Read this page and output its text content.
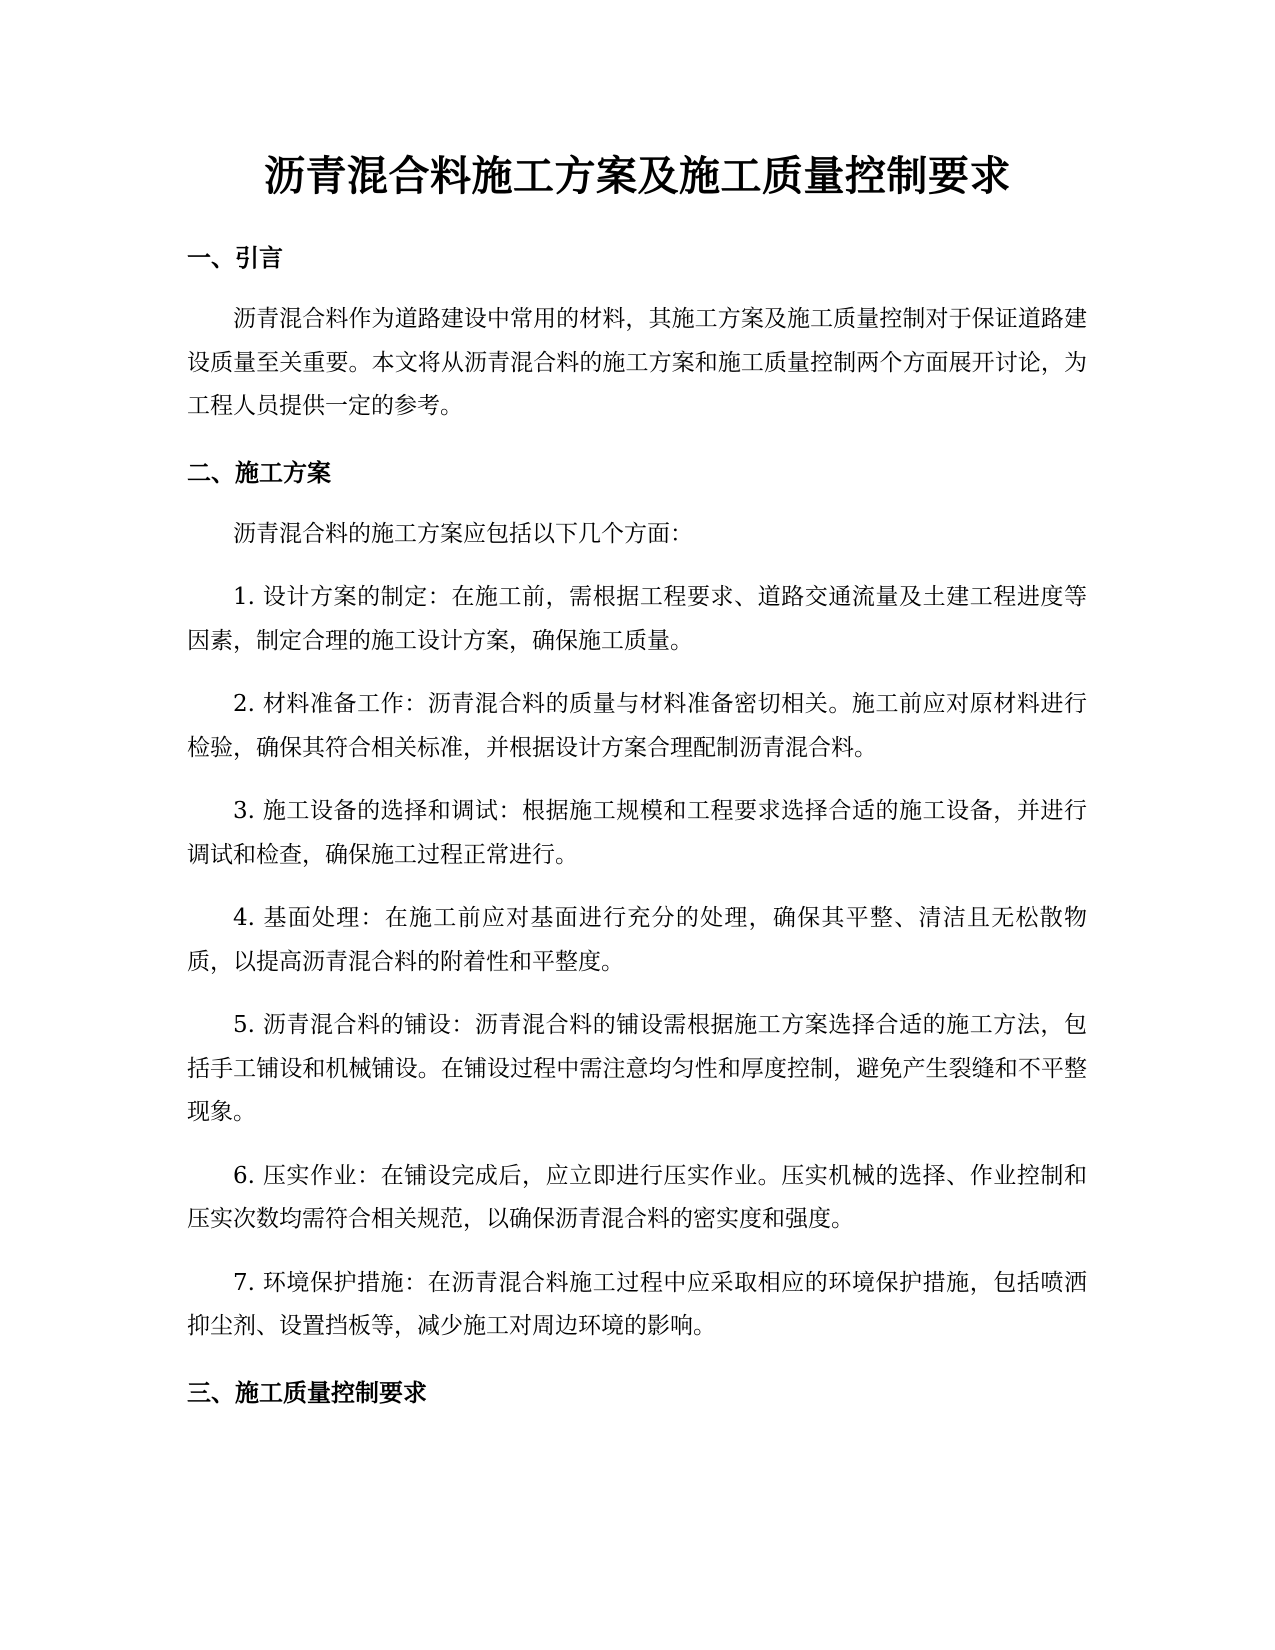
沥青混合料施工方案及施工质量控制要求
一、引言

沥青混合料作为道路建设中常用的材料，其施工方案及施工质量控制对于保证道路建设质量至关重要。本文将从沥青混合料的施工方案和施工质量控制两个方面展开讨论，为工程人员提供一定的参考。

二、施工方案

沥青混合料的施工方案应包括以下几个方面：

1. 设计方案的制定：在施工前，需根据工程要求、道路交通流量及土建工程进度等因素，制定合理的施工设计方案，确保施工质量。

2. 材料准备工作：沥青混合料的质量与材料准备密切相关。施工前应对原材料进行检验，确保其符合相关标准，并根据设计方案合理配制沥青混合料。

3. 施工设备的选择和调试：根据施工规模和工程要求选择合适的施工设备，并进行调试和检查，确保施工过程正常进行。

4. 基面处理：在施工前应对基面进行充分的处理，确保其平整、清洁且无松散物质，以提高沥青混合料的附着性和平整度。

5. 沥青混合料的铺设：沥青混合料的铺设需根据施工方案选择合适的施工方法，包括手工铺设和机械铺设。在铺设过程中需注意均匀性和厚度控制，避免产生裂缝和不平整现象。

6. 压实作业：在铺设完成后，应立即进行压实作业。压实机械的选择、作业控制和压实次数均需符合相关规范，以确保沥青混合料的密实度和强度。

7. 环境保护措施：在沥青混合料施工过程中应采取相应的环境保护措施，包括喷洒抑尘剂、设置挡板等，减少施工对周边环境的影响。

三、施工质量控制要求
